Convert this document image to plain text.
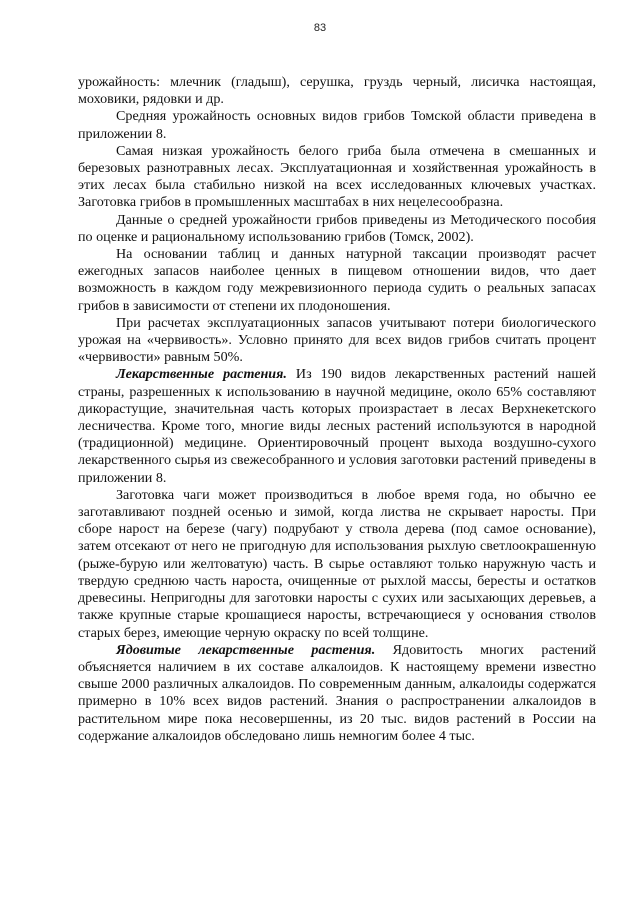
83

урожайность: млечник (гладыш), серушка, груздь черный, лисичка настоящая, моховики, рядовки и др.

Средняя урожайность основных видов грибов Томской области приведена в приложении 8.

Самая низкая урожайность белого гриба была отмечена в смешанных и березовых разнотравных лесах. Эксплуатационная и хозяйственная урожайность в этих лесах была стабильно низкой на всех исследованных ключевых участках. Заготовка грибов в промышленных масштабах в них нецелесообразна.

Данные о средней урожайности грибов приведены из Методического пособия по оценке и рациональному использованию грибов (Томск, 2002).

На основании таблиц и данных натурной таксации производят расчет ежегодных запасов наиболее ценных в пищевом отношении видов, что дает возможность в каждом году межревизионного периода судить о реальных запасах грибов в зависимости от степени их плодоношения.

При расчетах эксплуатационных запасов учитывают потери биологического урожая на «червивость». Условно принято для всех видов грибов считать процент «червивости» равным 50%.

Лекарственные растения. Из 190 видов лекарственных растений нашей страны, разрешенных к использованию в научной медицине, около 65% составляют дикорастущие, значительная часть которых произрастает в лесах Верхнекетского лесничества. Кроме того, многие виды лесных растений используются в народной (традиционной) медицине. Ориентировочный процент выхода воздушно-сухого лекарственного сырья из свежесобранного и условия заготовки растений приведены в приложении 8.

Заготовка чаги может производиться в любое время года, но обычно ее заготавливают поздней осенью и зимой, когда листва не скрывает наросты. При сборе нарост на березе (чагу) подрубают у ствола дерева (под самое основание), затем отсекают от него не пригодную для использования рыхлую светлоокрашенную (рыже-бурую или желтоватую) часть. В сырье оставляют только наружную часть и твердую среднюю часть нароста, очищенные от рыхлой массы, бересты и остатков древесины. Непригодны для заготовки наросты с сухих или засыхающих деревьев, а также крупные старые крошащиеся наросты, встречающиеся у основания стволов старых берез, имеющие черную окраску по всей толщине.

Ядовитые лекарственные растения. Ядовитость многих растений объясняется наличием в их составе алкалоидов. К настоящему времени известно свыше 2000 различных алкалоидов. По современным данным, алкалоиды содержатся примерно в 10% всех видов растений. Знания о распространении алкалоидов в растительном мире пока несовершенны, из 20 тыс. видов растений в России на содержание алкалоидов обследовано лишь немногим более 4 тыс.
